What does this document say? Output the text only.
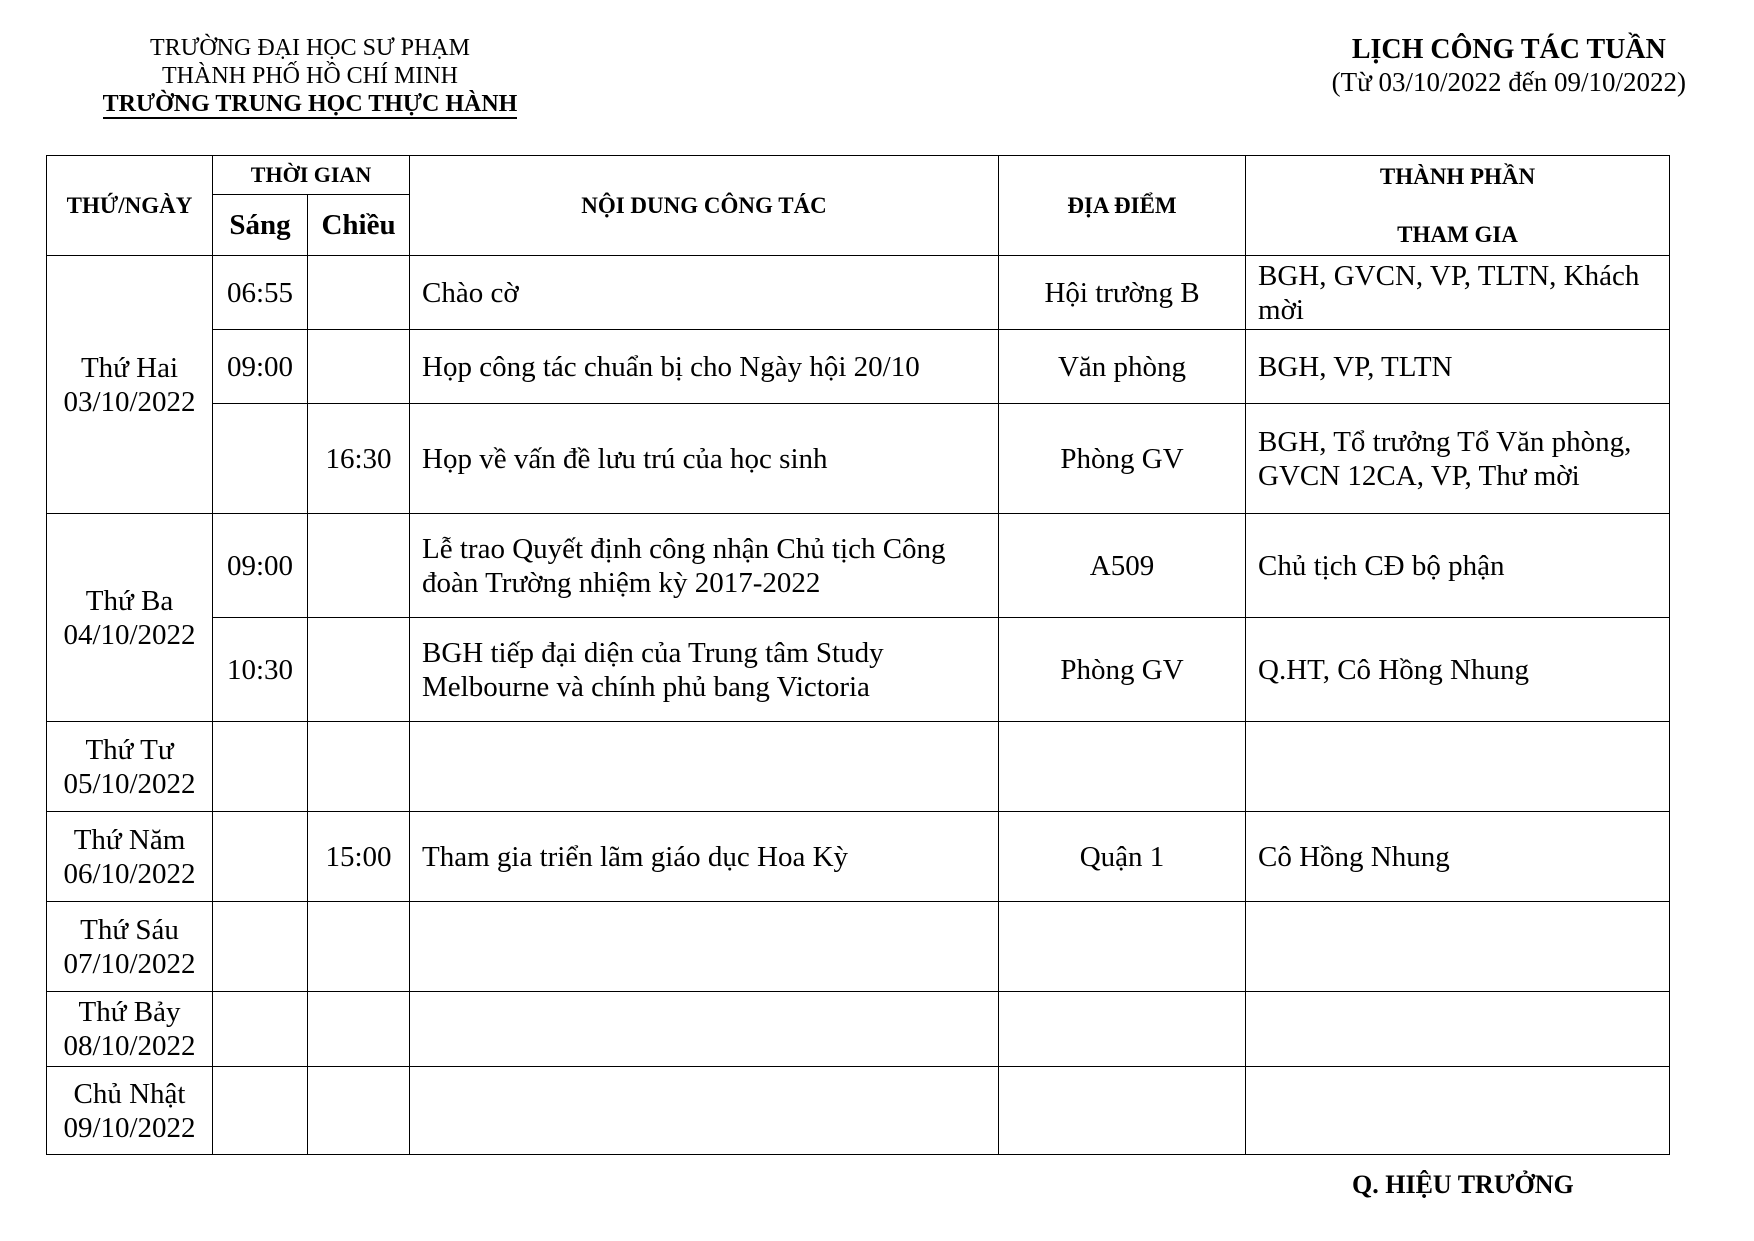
TRƯỜNG ĐẠI HỌC SƯ PHẠM
THÀNH PHỐ HỒ CHÍ MINH
TRƯỜNG TRUNG HỌC THỰC HÀNH
LỊCH CÔNG TÁC TUẦN
(Từ 03/10/2022 đến 09/10/2022)
THỨ/NGÀY	THỜI GIAN		NỘI DUNG CÔNG TÁC	ĐỊA ĐIỂM	THÀNH PHẦN
THAM GIA

	Sáng	Chiều			

Thứ Hai
03/10/2022	06:55		Chào cờ	Hội trường B	BGH, GVCN, VP, TLTN, Khách mời
	09:00		Họp công tác chuẩn bị cho Ngày hội 20/10	Văn phòng	BGH, VP, TLTN
		16:30	Họp về vấn đề lưu trú của học sinh	Phòng GV	BGH, Tổ trưởng Tổ Văn phòng, GVCN 12CA, VP, Thư mời

Thứ Ba
04/10/2022	09:00		Lễ trao Quyết định công nhận Chủ tịch Công đoàn Trường nhiệm kỳ 2017-2022	A509	Chủ tịch CĐ bộ phận
	10:30		BGH tiếp đại diện của Trung tâm Study Melbourne và chính phủ bang Victoria	Phòng GV	Q.HT, Cô Hồng Nhung

Thứ Tư
05/10/2022					

Thứ Năm
06/10/2022		15:00	Tham gia triển lãm giáo dục Hoa Kỳ	Quận 1	Cô Hồng Nhung

Thứ Sáu
07/10/2022					

Thứ Bảy
08/10/2022					

Chủ Nhật
09/10/2022					

Q. HIỆU TRƯỞNG
